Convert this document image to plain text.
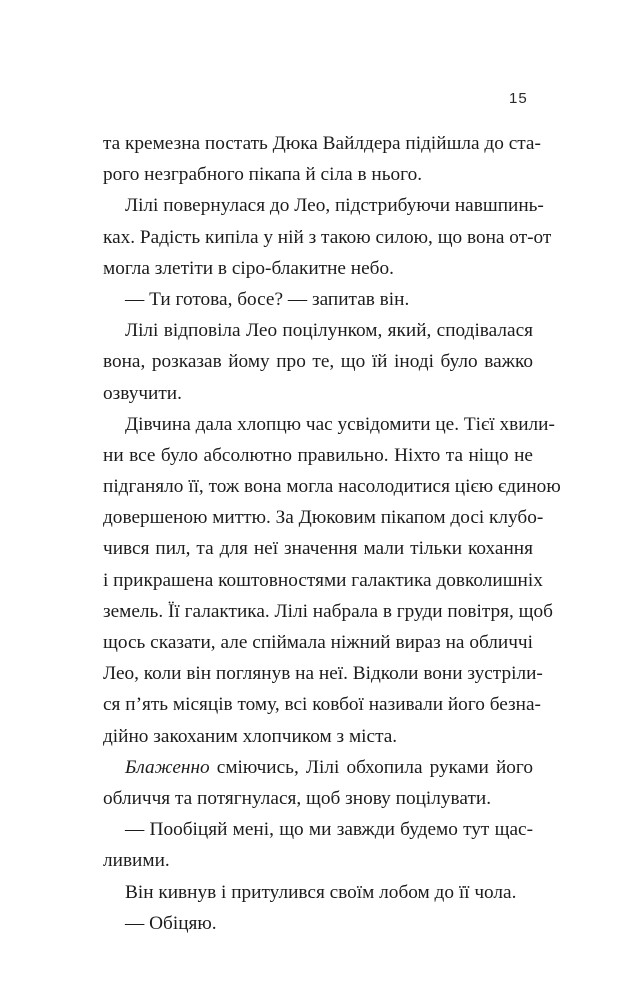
15
та кремезна постать Дюка Вайлдера підійшла до ста-
рого незграбного пікапа й сіла в нього.
Лілі повернулася до Лео, підстрибуючи навшпинь-
ках. Радість кипіла у ній з такою силою, що вона от-от
могла злетіти в сіро-блакитне небо.
— Ти готова, босе? — запитав він.
Лілі відповіла Лео поцілунком, який, сподівалася
вона, розказав йому про те, що їй іноді було важко
озвучити.
Дівчина дала хлопцю час усвідомити це. Тієї хвили-
ни все було абсолютно правильно. Ніхто та ніщо не
підганяло її, тож вона могла насолодитися цією єдиною
довершеною миттю. За Дюковим пікапом досі клубо-
чився пил, та для неї значення мали тільки кохання
і прикрашена коштовностями галактика довколишніх
земель. Її галактика. Лілі набрала в груди повітря, щоб
щось сказати, але спіймала ніжний вираз на обличчі
Лео, коли він поглянув на неї. Відколи вони зустріли-
ся п’ять місяців тому, всі ковбої називали його безна-
дійно закоханим хлопчиком з міста.
Блаженно сміючись, Лілі обхопила руками його
обличчя та потягнулася, щоб знову поцілувати.
— Пообіцяй мені, що ми завжди будемо тут щас-
ливими.
Він кивнув і притулився своїм лобом до її чола.
— Обіцяю.
